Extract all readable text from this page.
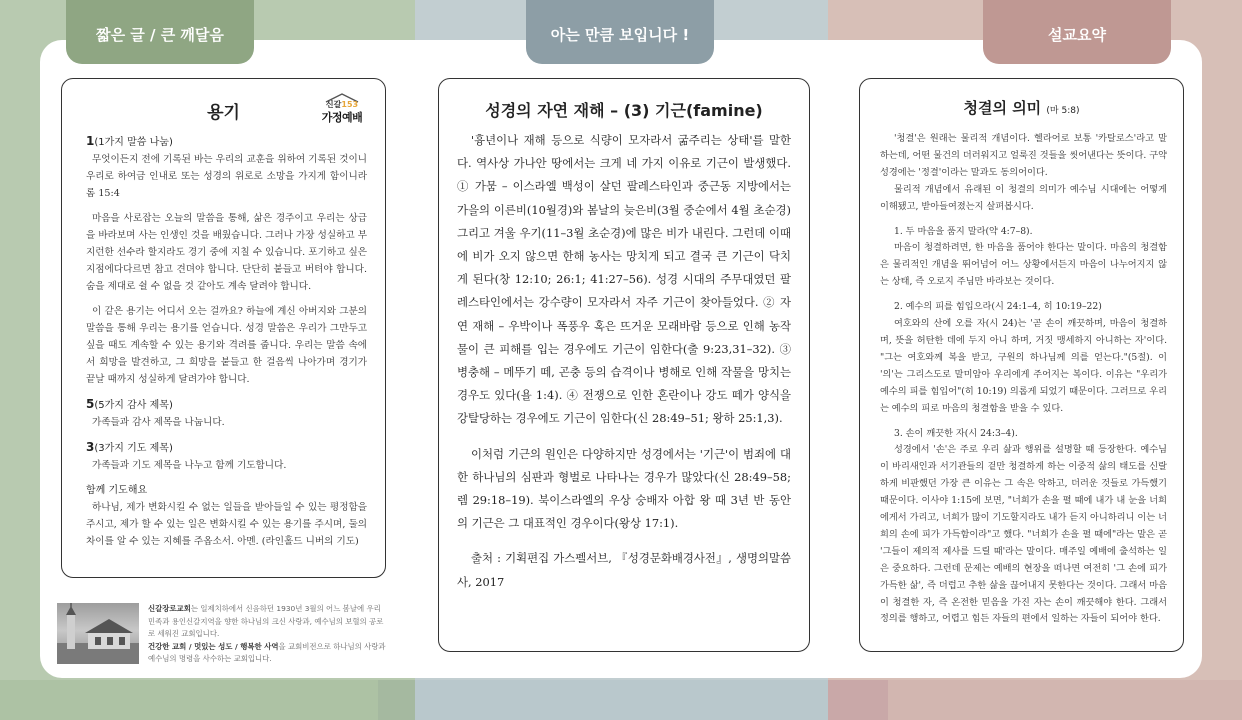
짧은 글 / 큰 깨달음	아는 만큼 보입니다 !	설교요약
용기	신갈153
가정예배

1(1가지 말씀 나눔)

무엇이든지 전에 기록된 바는 우리의 교훈을 위하여 기록된 것이니 우리로 하여금 인내로 또는 성경의 위로로 소망을 가지게 함이니라 롬 15:4

마음을 사로잡는 오늘의 말씀을 통해, 삶은 경주이고 우리는 상급을 바라보며 사는 인생인 것을 배웠습니다. 그러나 가장 성실하고 부지런한 선수라 할지라도 경기 중에 지칠 수 있습니다. 포기하고 싶은 지점에다다르면 참고 견뎌야 합니다. 단단히 붙들고 버텨야 합니다. 숨을 제대로 쉴 수 없을 것 같아도 계속 달려야 합니다.

이 같은 용기는 어디서 오는 걸까요? 하늘에 계신 아버지와 그분의 말씀을 통해 우리는 용기를 얻습니다. 성경 말씀은 우리가 그만두고 싶을 때도 계속할 수 있는 용기와 격려를 줍니다. 우리는 말씀 속에서 희망을 발견하고, 그 희망을 붙들고 한 걸음씩 나아가며 경기가 끝날 때까지 성실하게 달려가야 합니다.

5(5가지 감사 제목)

가족들과 감사 제목을 나눕니다.

3(3가지 기도 제목)

가족들과 기도 제목을 나누고 함께 기도합니다.

함께 기도해요

하나님, 제가 변화시킬 수 없는 일들을 받아들일 수 있는 평정함을 주시고, 제가 할 수 있는 일은 변화시킬 수 있는 용기를 주시며, 둘의 차이를 알 수 있는 지혜를 주옵소서. 아멘. (라인홀드 니버의 기도)

신갈장로교회는 일제치하에서 신음하던 1930년 3월의 어느 봄날에 우리 민족과 용인신갈지역을 향한 하나님의 크신 사랑과, 예수님의 보혈의 공로로 세워진 교회입니다.
건강한 교회 / 멋있는 성도 / 행복한 사역을 교회비전으로 하나님의 사랑과 예수님의 명령을 사수하는 교회입니다.
성경의 자연 재해 – (3) 기근(famine)

'흉년이나 재해 등으로 식량이 모자라서 굶주리는 상태'를 말한다. 역사상 가나안 땅에서는 크게 네 가지 이유로 기근이 발생했다. ① 가뭄 – 이스라엘 백성이 살던 팔레스타인과 중근동 지방에서는 가을의 이른비(10월경)와 봄날의 늦은비(3월 중순에서 4월 초순경) 그리고 겨울 우기(11–3월 초순경)에 많은 비가 내린다. 그런데 이때에 비가 오지 않으면 한해 농사는 망치게 되고 결국 큰 기근이 닥치게 된다(창 12:10; 26:1; 41:27–56). 성경 시대의 주무대였던 팔레스타인에서는 강수량이 모자라서 자주 기근이 찾아들었다. ② 자연 재해 – 우박이나 폭풍우 혹은 뜨거운 모래바람 등으로 인해 농작물이 큰 피해를 입는 경우에도 기근이 임한다(출 9:23,31–32). ③ 병충해 – 메뚜기 떼, 곤충 등의 습격이나 병해로 인해 작물을 망치는 경우도 있다(욜 1:4). ④ 전쟁으로 인한 혼란이나 강도 떼가 양식을 강탈당하는 경우에도 기근이 임한다(신 28:49–51; 왕하 25:1,3).

이처럼 기근의 원인은 다양하지만 성경에서는 '기근'이 범죄에 대한 하나님의 심판과 형벌로 나타나는 경우가 많았다(신 28:49–58; 렘 29:18–19). 북이스라엘의 우상 숭배자 아합 왕 때 3년 반 동안의 기근은 그 대표적인 경우이다(왕상 17:1).

출처 : 기획편집 가스펠서브, 『성경문화배경사전』, 생명의말씀사, 2017

청결의 의미 (마 5:8)

'청결'은 원래는 물리적 개념이다. 헬라어로 보통 '카탈로스'라고 말하는데, 어떤 물건의 더러워지고 얼룩진 것들을 씻어낸다는 뜻이다. 구약성경에는 '정결'이라는 말과도 동의어이다.

물리적 개념에서 유래된 이 청결의 의미가 예수님 시대에는 어떻게 이해됐고, 받아들여졌는지 살펴봅시다.

1. 두 마음을 품지 말라(약 4:7–8).

마음이 청결하려면, 한 마음을 품어야 한다는 말이다. 마음의 청결함은 물리적인 개념을 뛰어넘어 어느 상황에서든지 마음이 나누어지지 않는 상태, 즉 오로지 주님만 바라보는 것이다.

2. 예수의 피를 힘입으라(시 24:1–4, 히 10:19–22)

여호와의 산에 오를 자(시 24)는 '곧 손이 깨끗하며, 마음이 청결하며, 뜻을 허탄한 데에 두지 아니 하며, 거짓 맹세하지 아니하는 자'이다. "그는 여호와께 복을 받고, 구원의 하나님께 의를 얻는다."(5절). 이 '의'는 그리스도로 말미암아 우리에게 주어지는 복이다. 이유는 "우리가 예수의 피를 힘입어"(히 10:19) 의롭게 되었기 때문이다. 그러므로 우리는 예수의 피로 마음의 청결함을 받을 수 있다.

3. 손이 깨끗한 자(시 24:3–4).

성경에서 '손'은 주로 우리 삶과 행위를 설명할 때 등장한다. 예수님이 바리새인과 서기관들의 겉만 청결하게 하는 이중적 삶의 태도를 신랄하게 비판했던 가장 큰 이유는 그 속은 악하고, 더러운 것들로 가득했기 때문이다. 이사야 1:15에 보면, "너희가 손을 펼 때에 내가 내 눈을 너희에게서 가리고, 너희가 많이 기도할지라도 내가 듣지 아니하리니 이는 너희의 손에 피가 가득함이라"고 했다. "너희가 손을 펼 때에"라는 말은 곧 '그들이 제의적 제사를 드릴 때'라는 말이다. 매주일 예배에 출석하는 일은 중요하다. 그런데 문제는 예배의 현장을 떠나면 여전히 '그 손에 피가 가득한 삶', 즉 더럽고 추한 삶을 끊어내지 못한다는 것이다. 그래서 마음이 청결한 자, 즉 온전한 믿음을 가진 자는 손이 깨끗해야 한다. 그래서 정의를 행하고, 어렵고 힘든 자들의 편에서 일하는 자들이 되어야 한다.
